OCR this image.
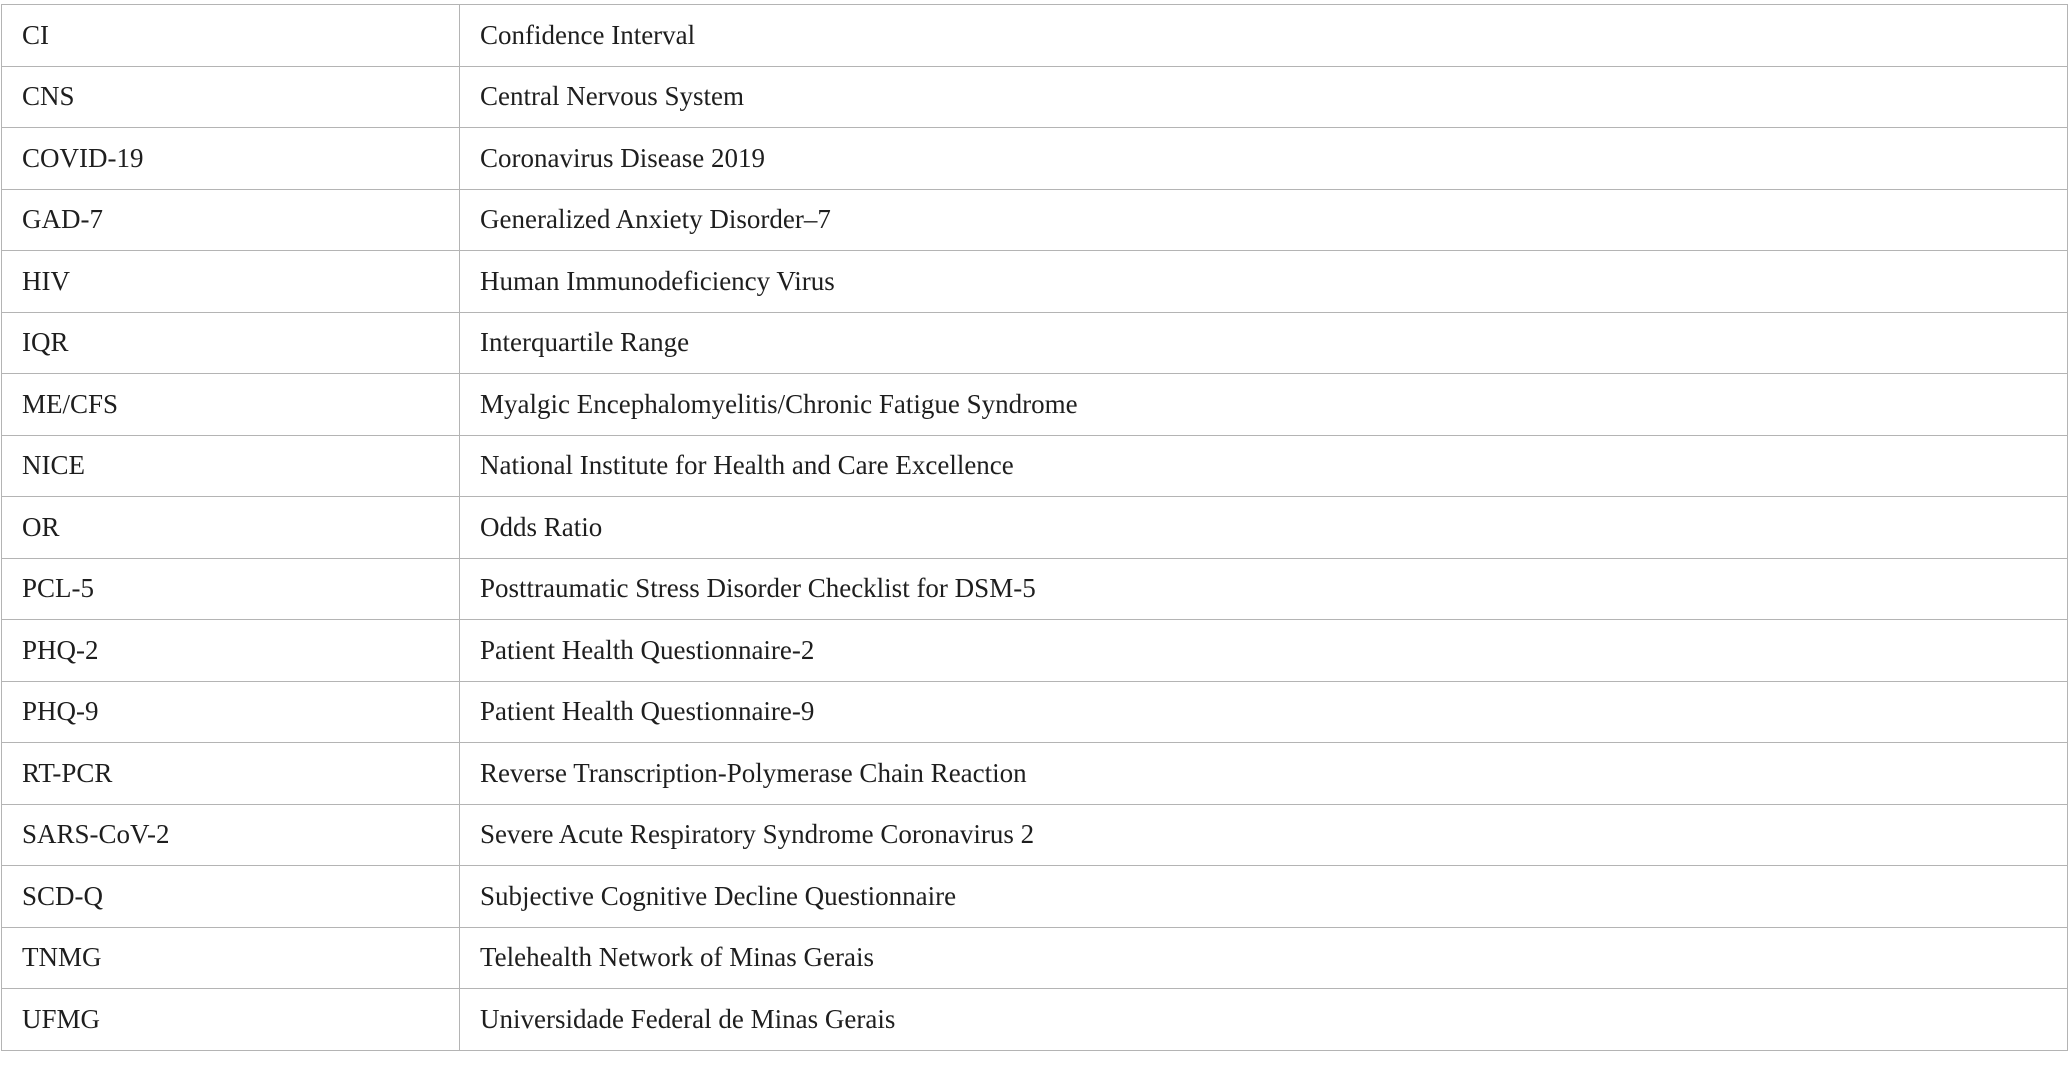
CI	Confidence Interval
CNS	Central Nervous System
COVID-19	Coronavirus Disease 2019
GAD-7	Generalized Anxiety Disorder–7
HIV	Human Immunodeficiency Virus
IQR	Interquartile Range
ME/CFS	Myalgic Encephalomyelitis/Chronic Fatigue Syndrome
NICE	National Institute for Health and Care Excellence
OR	Odds Ratio
PCL-5	Posttraumatic Stress Disorder Checklist for DSM-5
PHQ-2	Patient Health Questionnaire-2
PHQ-9	Patient Health Questionnaire-9
RT-PCR	Reverse Transcription-Polymerase Chain Reaction
SARS-CoV-2	Severe Acute Respiratory Syndrome Coronavirus 2
SCD-Q	Subjective Cognitive Decline Questionnaire
TNMG	Telehealth Network of Minas Gerais
UFMG	Universidade Federal de Minas Gerais
